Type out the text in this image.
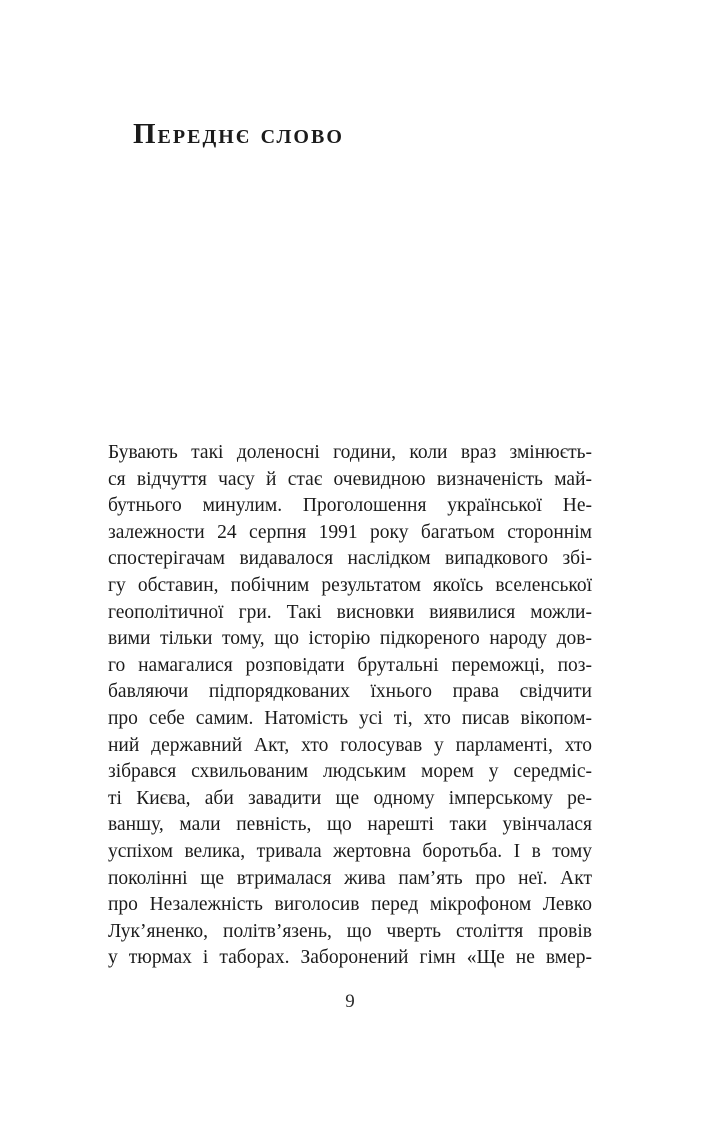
Переднє слово
Бувають такі доленосні години, коли враз змінюєть-
ся відчуття часу й стає очевидною визначеність май-
бутнього минулим. Проголошення української Не-
залежности 24 серпня 1991 року багатьом стороннім
спостерігачам видавалося наслідком випадкового збі-
гу обставин, побічним результатом якоїсь вселенської
геополітичної гри. Такі висновки виявилися можли-
вими тільки тому, що історію підкореного народу дов-
го намагалися розповідати брутальні переможці, поз-
бавляючи підпорядкованих їхнього права свідчити
про себе самим. Натомість усі ті, хто писав вікопом-
ний державний Акт, хто голосував у парламенті, хто
зібрався схвильованим людським морем у середміс-
ті Києва, аби завадити ще одному імперському ре-
ваншу, мали певність, що нарешті таки увінчалася
успіхом велика, тривала жертовна боротьба. І в тому
поколінні ще втрималася жива пам’ять про неї. Акт
про Незалежність виголосив перед мікрофоном Левко
Лук’яненко, політв’язень, що чверть століття провів
у тюрмах і таборах. Заборонений гімн «Ще не вмер-
9
